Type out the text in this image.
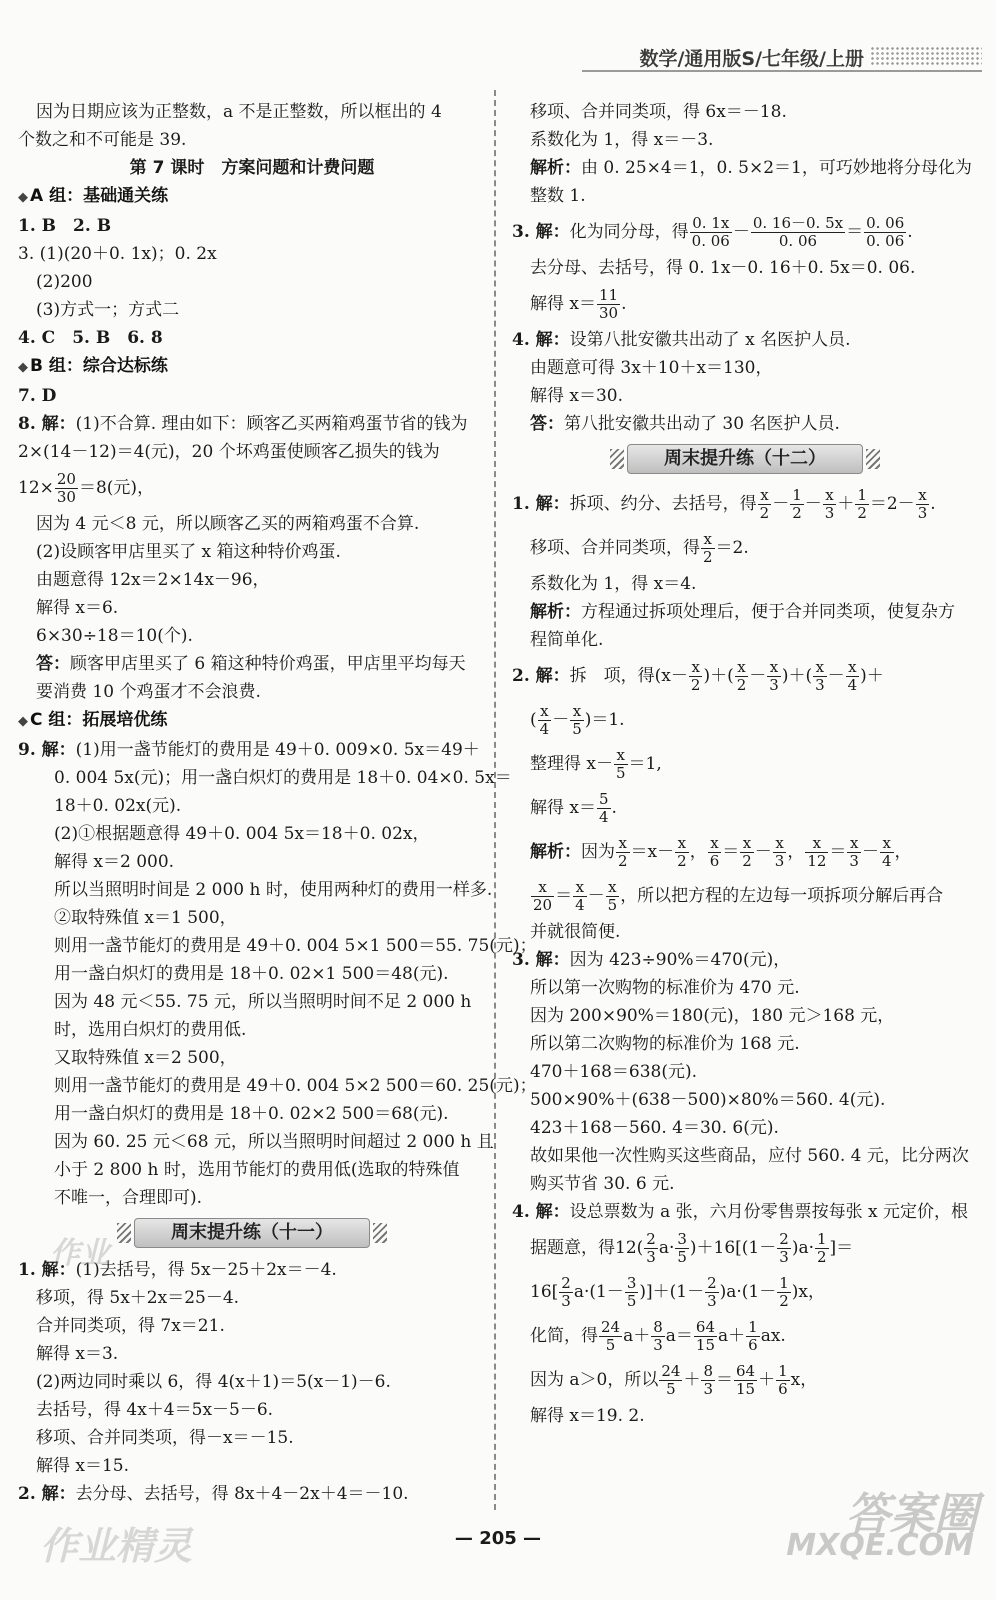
数学/通用版S/七年级/上册
因为日期应该为正整数，a 不是正整数，所以框出的 4
个数之和不可能是 39.
第 7 课时　方案问题和计费问题
◆ A 组：基础通关练
1. B　2. B
3. (1)(20＋0. 1x)；0. 2x
(2)200
(3)方式一；方式二
4. C　5. B　6. 8
◆ B 组：综合达标练
7. D
8. 解：(1)不合算. 理由如下：顾客乙买两箱鸡蛋节省的钱为
2×(14－12)＝4(元)，20 个坏鸡蛋使顾客乙损失的钱为
$12\times \frac{20}{30} =8$(元)，
因为 4 元＜8 元，所以顾客乙买的两箱鸡蛋不合算.
(2)设顾客甲店里买了 x 箱这种特价鸡蛋.
由题意得 12x＝2×14x－96，
解得 x＝6.
6×30÷18＝10(个).
答：顾客甲店里买了 6 箱这种特价鸡蛋，甲店里平均每天
要消费 10 个鸡蛋才不会浪费.
◆ C 组：拓展培优练
9. 解：(1)用一盏节能灯的费用是 49＋0. 009×0. 5x＝49＋
0. 004 5x(元)；用一盏白炽灯的费用是 18＋0. 04×0. 5x＝
18＋0. 02x(元).
(2)①根据题意得 49＋0. 004 5x＝18＋0. 02x，
解得 x＝2 000.
所以当照明时间是 2 000 h 时，使用两种灯的费用一样多.
②取特殊值 x＝1 500，
则用一盏节能灯的费用是 49＋0. 004 5×1 500＝55. 75(元)；
用一盏白炽灯的费用是 18＋0. 02×1 500＝48(元).
因为 48 元＜55. 75 元，所以当照明时间不足 2 000 h
时，选用白炽灯的费用低.
又取特殊值 x＝2 500，
则用一盏节能灯的费用是 49＋0. 004 5×2 500＝60. 25(元)；
用一盏白炽灯的费用是 18＋0. 02×2 500＝68(元).
因为 60. 25 元＜68 元，所以当照明时间超过 2 000 h 且
小于 2 800 h 时，选用节能灯的费用低(选取的特殊值
不唯一，合理即可).
周末提升练（十一）
1. 解：(1)去括号，得 5x－25＋2x＝－4.
移项，得 5x＋2x＝25－4.
合并同类项，得 7x＝21.
解得 x＝3.
(2)两边同时乘以 6，得 4(x＋1)＝5(x－1)－6.
去括号，得 4x＋4＝5x－5－6.
移项、合并同类项，得－x＝－15.
解得 x＝15.
2. 解：去分母、去括号，得 8x＋4－2x＋4＝－10.
移项、合并同类项，得 6x＝－18.
系数化为 1，得 x＝－3.
解析：由 0. 25×4＝1，0. 5×2＝1，可巧妙地将分母化为
整数 1.
3. 解：化为同分母，得 $\frac{0. 1x}{0. 06} - \frac{0. 16-0. 5x}{0. 06} = \frac{0. 06}{0. 06}$ .
去分母、去括号，得 0. 1x－0. 16＋0. 5x＝0. 06.
解得 $x= \frac{11}{30}$ .
4. 解：设第八批安徽共出动了 x 名医护人员.
由题意可得 3x＋10＋x＝130，
解得 x＝30.
答：第八批安徽共出动了 30 名医护人员.
周末提升练（十二）
1. 解：拆项、约分、去括号，得 $\frac{x}{2} - \frac{1}{2} - \frac{x}{3} + \frac{1}{2} =2- \frac{x}{3}$ .
移项、合并同类项，得 $\frac{x}{2} =2$.
系数化为 1，得 x＝4.
解析：方程通过拆项处理后，便于合并同类项，使复杂方
程简单化.
2. 解：拆　项，得($x- \frac{x}{2}$ )＋( $\frac{x}{2} - \frac{x}{3}$ )＋( $\frac{x}{3} - \frac{x}{4}$ )＋
( $\frac{x}{4} - \frac{x}{5} )=1$.
整理得 $x- \frac{x}{5} =1$,
解得 $x= \frac{5}{4}$ .
解析：因为 $\frac{x}{2} =x- \frac{x}{2}$ ， $\frac{x}{6} = \frac{x}{2} - \frac{x}{3}$ ， $\frac{x}{12} = \frac{x}{3} - \frac{x}{4}$ ，
$\frac{x}{20} = \frac{x}{4} - \frac{x}{5}$ ，所以把方程的左边每一项拆项分解后再合
并就很简便.
3. 解：因为 423÷90%＝470(元)，
所以第一次购物的标准价为 470 元.
因为 200×90%＝180(元)，180 元＞168 元，
所以第二次购物的标准价为 168 元.
470＋168＝638(元).
500×90%＋(638－500)×80%＝560. 4(元).
423＋168－560. 4＝30. 6(元).
故如果他一次性购买这些商品，应付 560. 4 元，比分两次
购买节省 30. 6 元.
4. 解：设总票数为 a 张，六月份零售票按每张 x 元定价，根
据题意，得$12( \frac{2}{3} a\cdot \frac{3}{5} )+16[(1- \frac{2}{3} )a\cdot \frac{1}{2}$ ]＝
$16[ \frac{2}{3} a\cdot(1- \frac{3}{5} )]+(1- \frac{2}{3} )a\cdot(1- \frac{1}{2} )x$，
化简，得 $\frac{24}{5} a+ \frac{8}{3} a= \frac{64}{15} a+ \frac{1}{6}$ ax.
因为 a＞0，所以 $\frac{24}{5} + \frac{8}{3} = \frac{64}{15} + \frac{1}{6}$ x，
解得 x＝19. 2.
— 205 —
作业
作业精灵
答案圈
MXQE.COM
